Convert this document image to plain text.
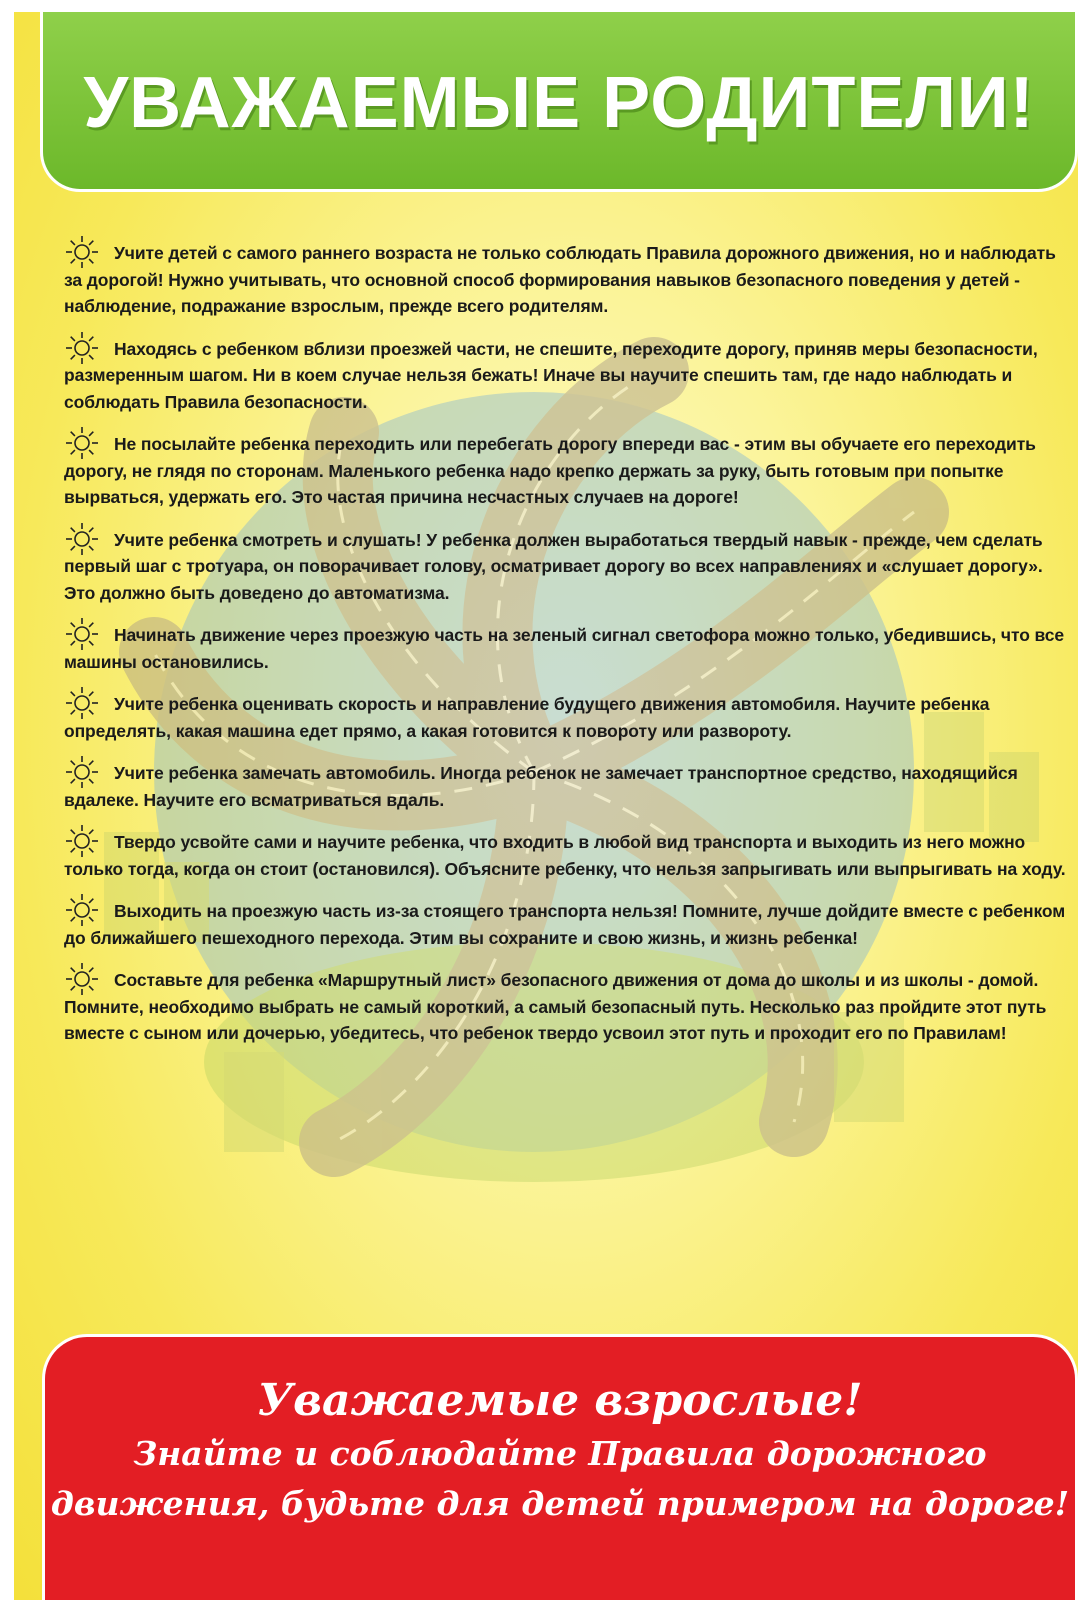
УВАЖАЕМЫЕ РОДИТЕЛИ!
Учите детей с самого раннего возраста не только соблюдать Правила дорожного движения, но и наблюдать за дорогой! Нужно учитывать, что основной способ формирования навыков безопасного поведения у детей - наблюдение, подражание взрослым, прежде всего родителям.
Находясь с ребенком вблизи проезжей части, не спешите, переходите дорогу, приняв меры безопасности, размеренным шагом. Ни в коем случае нельзя бежать! Иначе вы научите спешить там, где надо наблюдать и соблюдать Правила безопасности.
Не посылайте ребенка переходить или перебегать дорогу впереди вас - этим вы обучаете его переходить дорогу, не глядя по сторонам. Маленького ребенка надо крепко держать за руку, быть готовым при попытке вырваться, удержать его. Это частая причина несчастных случаев на дороге!
Учите ребенка смотреть и слушать! У ребенка должен выработаться твердый навык - прежде, чем сделать первый шаг с тротуара, он поворачивает голову, осматривает дорогу во всех направлениях и «слушает дорогу». Это должно быть доведено до автоматизма.
Начинать движение через проезжую часть на зеленый сигнал светофора можно только, убедившись, что все машины остановились.
Учите ребенка оценивать скорость и направление будущего движения автомобиля. Научите ребенка определять, какая машина едет прямо, а какая готовится к повороту или развороту.
Учите ребенка замечать автомобиль. Иногда ребенок не замечает транспортное средство, находящийся вдалеке. Научите его всматриваться вдаль.
Твердо усвойте сами и научите ребенка, что входить в любой вид транспорта и выходить из него можно только тогда, когда он стоит (остановился). Объясните ребенку, что нельзя запрыгивать или выпрыгивать на ходу.
Выходить на проезжую часть из-за стоящего транспорта нельзя! Помните, лучше дойдите вместе с ребенком до ближайшего пешеходного перехода. Этим вы сохраните и свою жизнь, и жизнь ребенка!
Составьте для ребенка «Маршрутный лист» безопасного движения от дома до школы и из школы - домой. Помните, необходимо выбрать не самый короткий, а самый безопасный путь. Несколько раз пройдите этот путь вместе с сыном или дочерью, убедитесь, что ребенок твердо усвоил этот путь и проходит его по Правилам!
Уважаемые взрослые!
Знайте и соблюдайте Правила дорожного
движения, будьте для детей примером на дороге!
